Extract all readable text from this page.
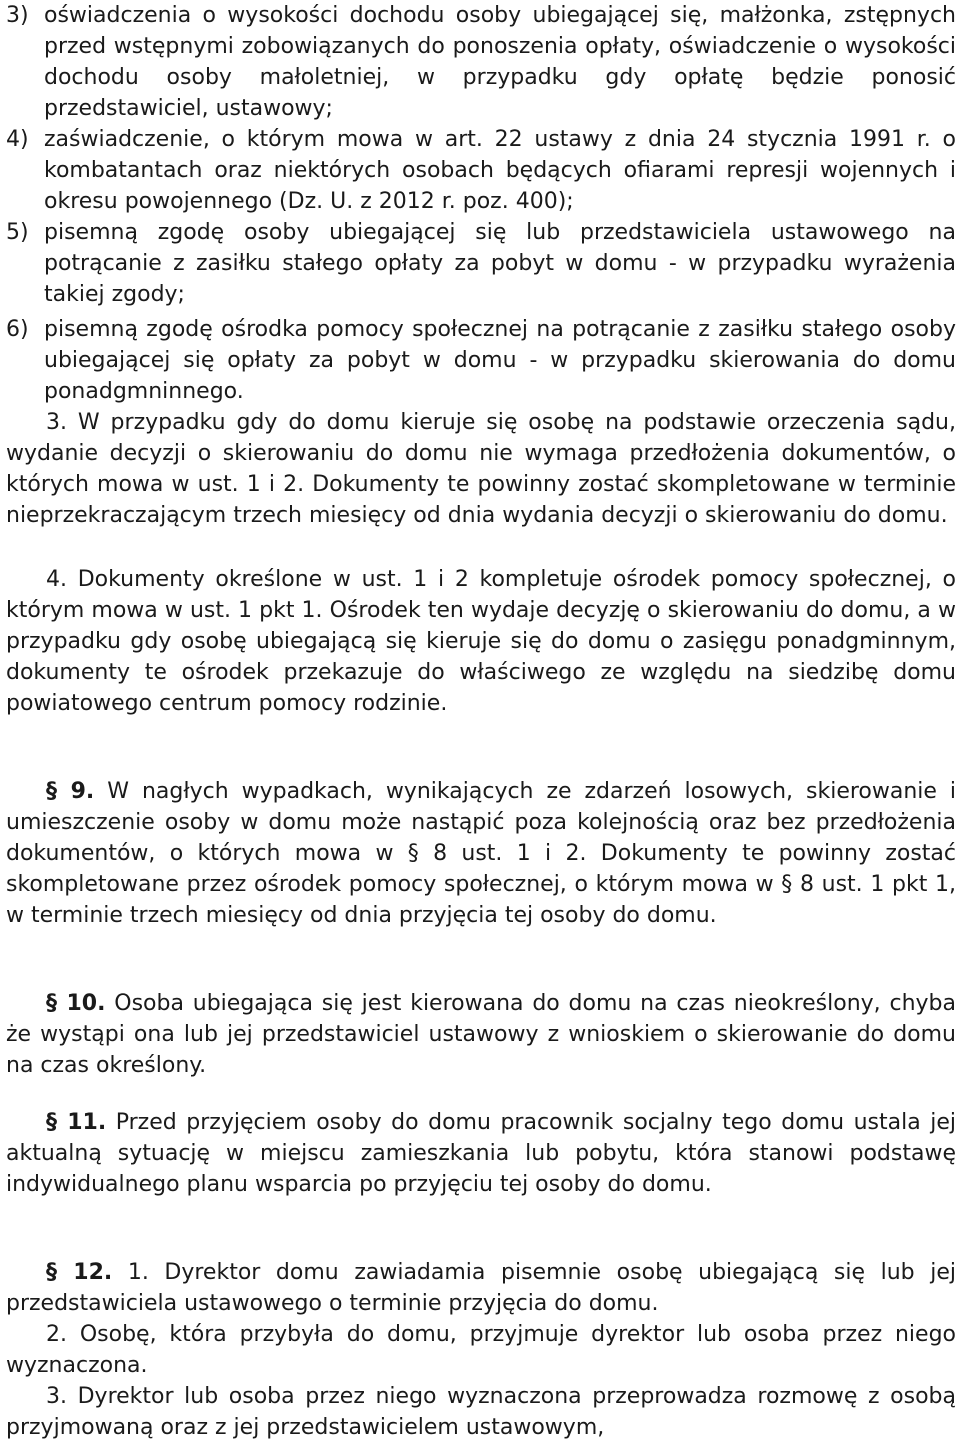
3) oświadczenia o wysokości dochodu osoby ubiegającej się, małżonka, zstępnych przed wstępnymi zobowiązanych do ponoszenia opłaty, oświadczenie o wysokości dochodu osoby małoletniej, w przypadku gdy opłatę będzie ponosić przedstawiciel, ustawowy;
4) zaświadczenie, o którym mowa w art. 22 ustawy z dnia 24 stycznia 1991 r. o kombatantach oraz niektórych osobach będących ofiarami represji wojennych i okresu powojennego (Dz. U. z 2012 r. poz. 400);
5) pisemną zgodę osoby ubiegającej się lub przedstawiciela ustawowego na potrącanie z zasiłku stałego opłaty za pobyt w domu - w przypadku wyrażenia takiej zgody;
6) pisemną zgodę ośrodka pomocy społecznej na potrącanie z zasiłku stałego osoby ubiegającej się opłaty za pobyt w domu - w przypadku skierowania do domu ponadgmninnego.

3. W przypadku gdy do domu kieruje się osobę na podstawie orzeczenia sądu, wydanie decyzji o skierowaniu do domu nie wymaga przedłożenia dokumentów, o których mowa w ust. 1 i 2. Dokumenty te powinny zostać skompletowane w terminie nieprzekraczającym trzech miesięcy od dnia wydania decyzji o skierowaniu do domu.

4. Dokumenty określone w ust. 1 i 2 kompletuje ośrodek pomocy społecznej, o którym mowa w ust. 1 pkt 1. Ośrodek ten wydaje decyzję o skierowaniu do domu, a w przypadku gdy osobę ubiegającą się kieruje się do domu o zasięgu ponadgminnym, dokumenty te ośrodek przekazuje do właściwego ze względu na siedzibę domu powiatowego centrum pomocy rodzinie.

§ 9. W nagłych wypadkach, wynikających ze zdarzeń losowych, skierowanie i umieszczenie osoby w domu może nastąpić poza kolejnością oraz bez przedłożenia dokumentów, o których mowa w § 8 ust. 1 i 2. Dokumenty te powinny zostać skompletowane przez ośrodek pomocy społecznej, o którym mowa w § 8 ust. 1 pkt 1, w terminie trzech miesięcy od dnia przyjęcia tej osoby do domu.

§ 10. Osoba ubiegająca się jest kierowana do domu na czas nieokreślony, chyba że wystąpi ona lub jej przedstawiciel ustawowy z wnioskiem o skierowanie do domu na czas określony.

§ 11. Przed przyjęciem osoby do domu pracownik socjalny tego domu ustala jej aktualną sytuację w miejscu zamieszkania lub pobytu, która stanowi podstawę indywidualnego planu wsparcia po przyjęciu tej osoby do domu.

§ 12. 1. Dyrektor domu zawiadamia pisemnie osobę ubiegającą się lub jej przedstawiciela ustawowego o terminie przyjęcia do domu.

2. Osobę, która przybyła do domu, przyjmuje dyrektor lub osoba przez niego wyznaczona.

3. Dyrektor lub osoba przez niego wyznaczona przeprowadza rozmowę z osobą przyjmowaną oraz z jej przedstawicielem ustawowym,
